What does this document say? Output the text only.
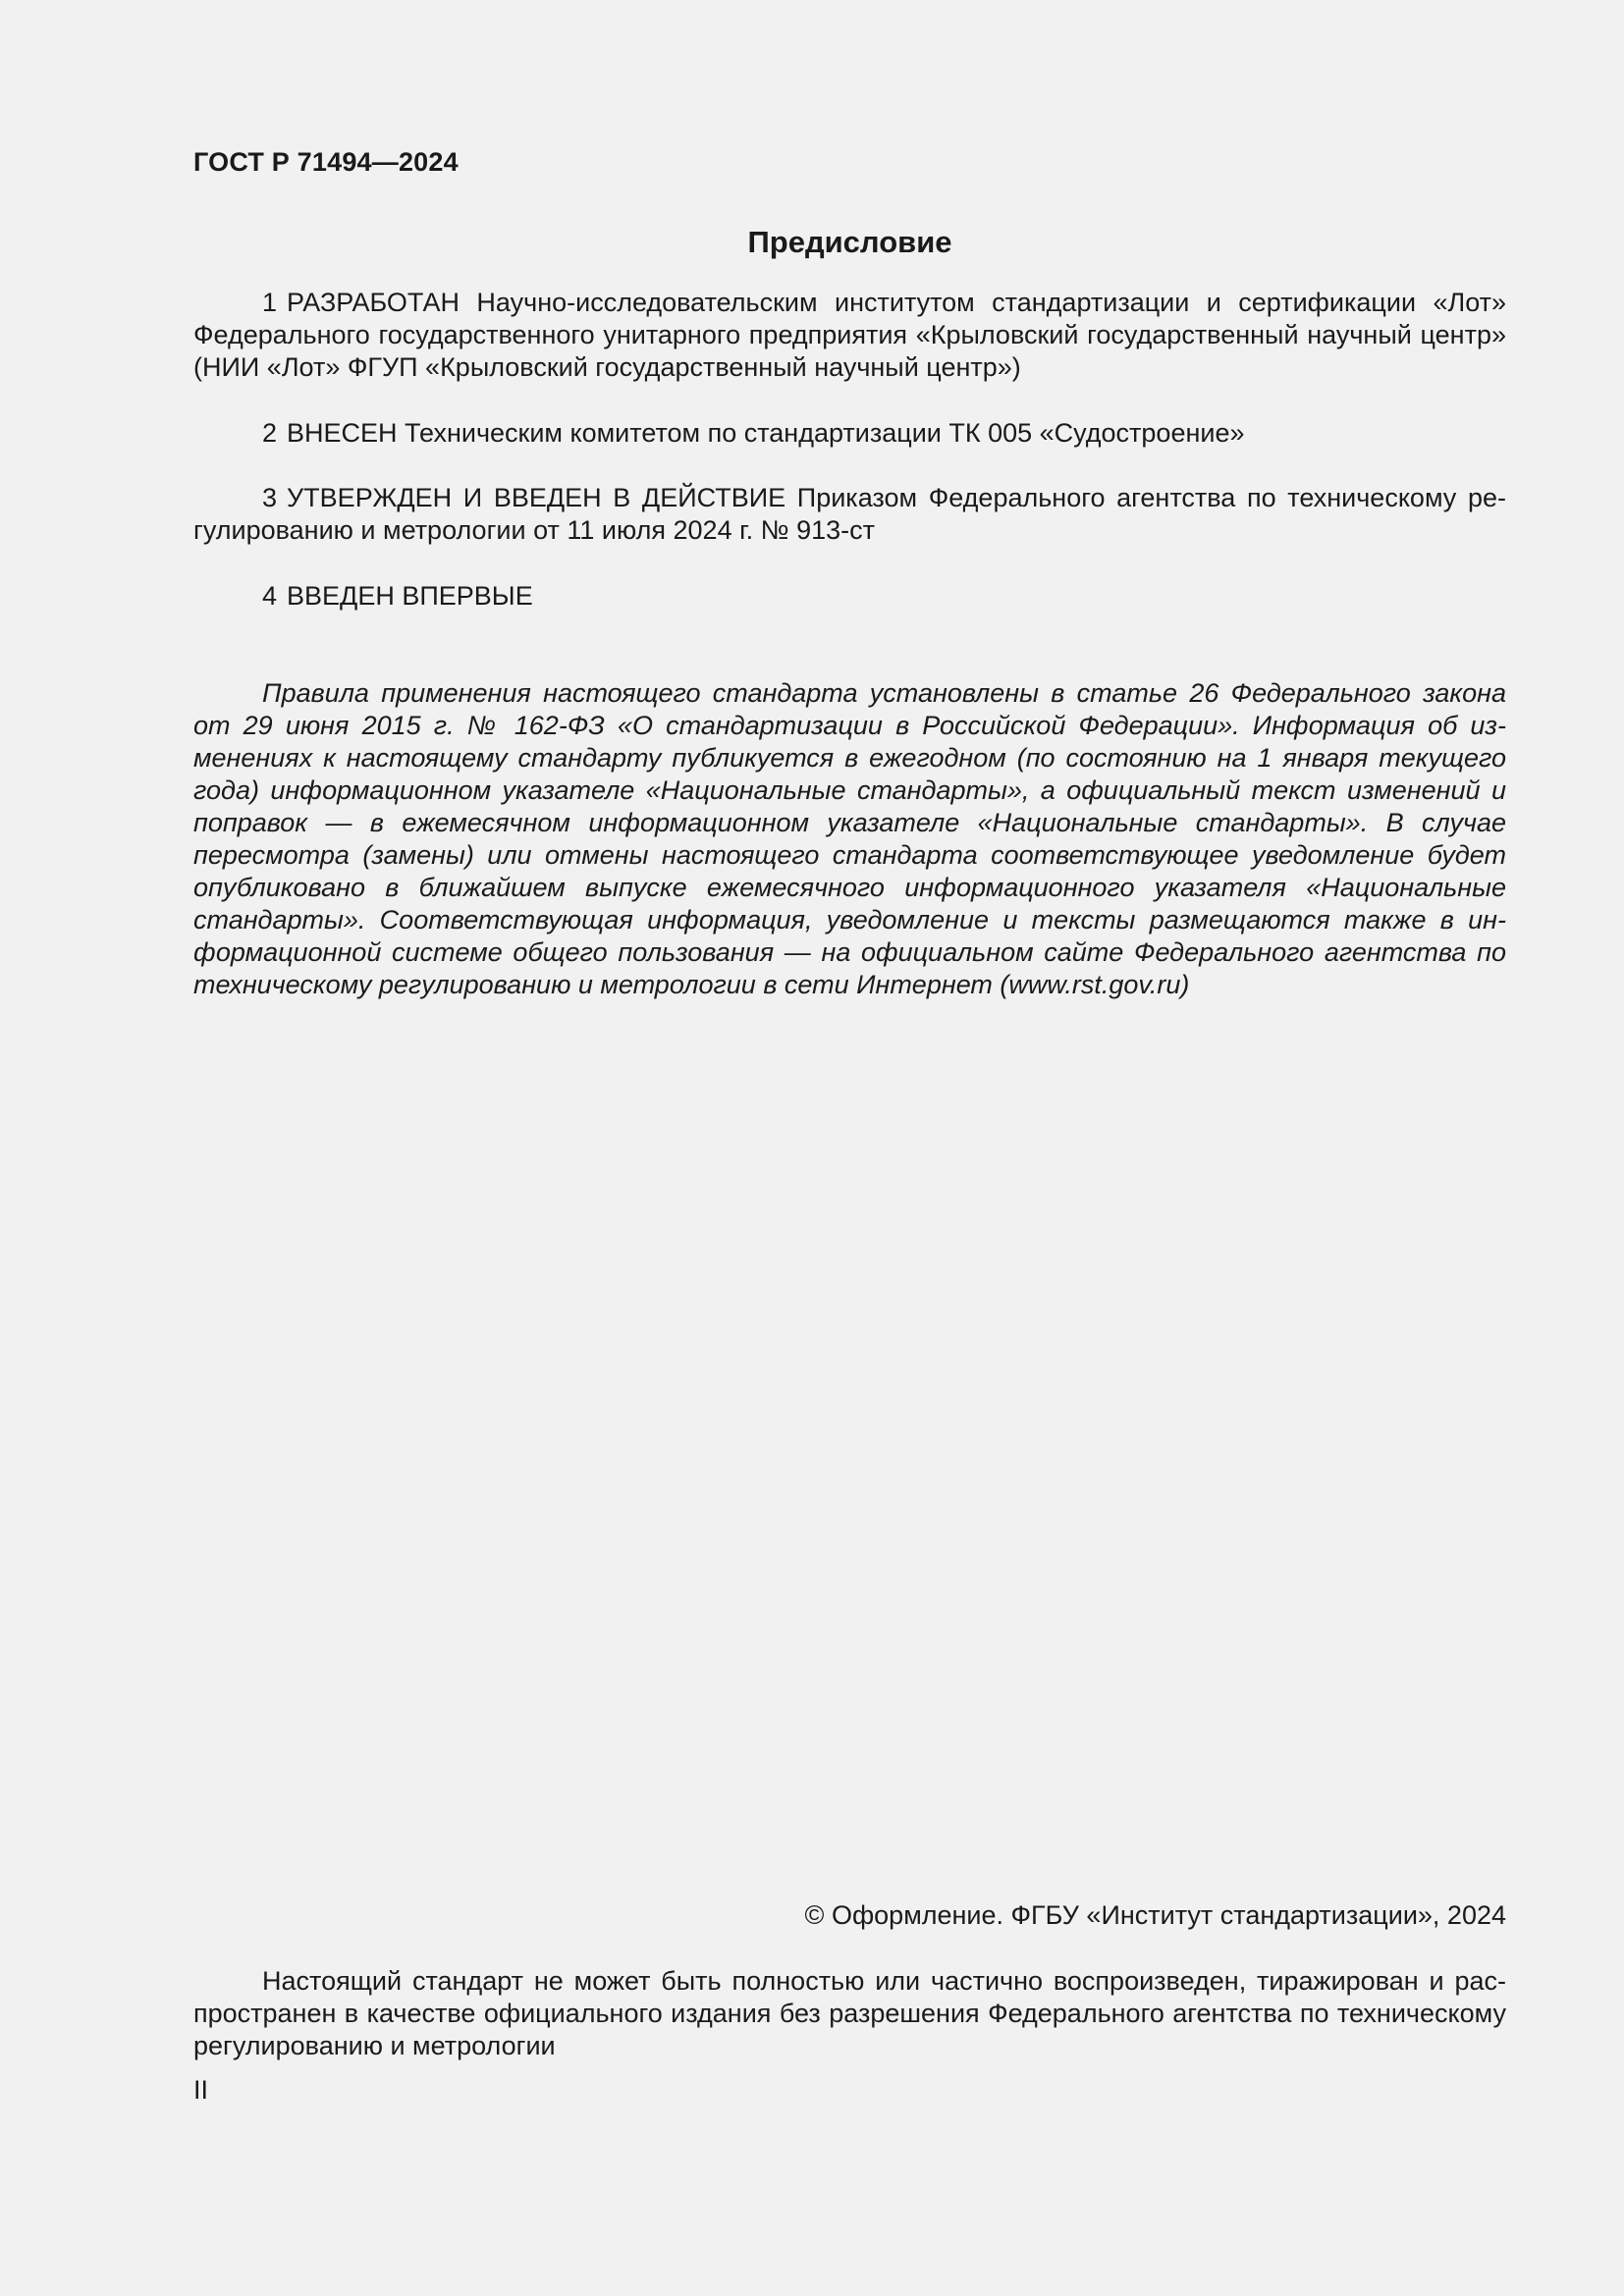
ГОСТ Р 71494—2024
Предисловие

1 РАЗРАБОТАН Научно-исследовательским институтом стандартизации и сертификации «Лот» Федерального государственного унитарного предприятия «Крыловский государственный научный центр» (НИИ «Лот» ФГУП «Крыловский государственный научный центр»)

2 ВНЕСЕН Техническим комитетом по стандартизации ТК 005 «Судостроение»

3 УТВЕРЖДЕН И ВВЕДЕН В ДЕЙСТВИЕ Приказом Федерального агентства по техническому регулированию и метрологии от 11 июля 2024 г. № 913-ст

4 ВВЕДЕН ВПЕРВЫЕ

Правила применения настоящего стандарта установлены в статье 26 Федерального закона от 29 июня 2015 г. № 162-ФЗ «О стандартизации в Российской Федерации». Информация об изменениях к настоящему стандарту публикуется в ежегодном (по состоянию на 1 января текущего года) информационном указателе «Национальные стандарты», а официальный текст изменений и поправок — в ежемесячном информационном указателе «Национальные стандарты». В случае пересмотра (замены) или отмены настоящего стандарта соответствующее уведомление будет опубликовано в ближайшем выпуске ежемесячного информационного указателя «Национальные стандарты». Соответствующая информация, уведомление и тексты размещаются также в информационной системе общего пользования — на официальном сайте Федерального агентства по техническому регулированию и метрологии в сети Интернет (www.rst.gov.ru)

© Оформление. ФГБУ «Институт стандартизации», 2024

Настоящий стандарт не может быть полностью или частично воспроизведен, тиражирован и распространен в качестве официального издания без разрешения Федерального агентства по техническому регулированию и метрологии

II
